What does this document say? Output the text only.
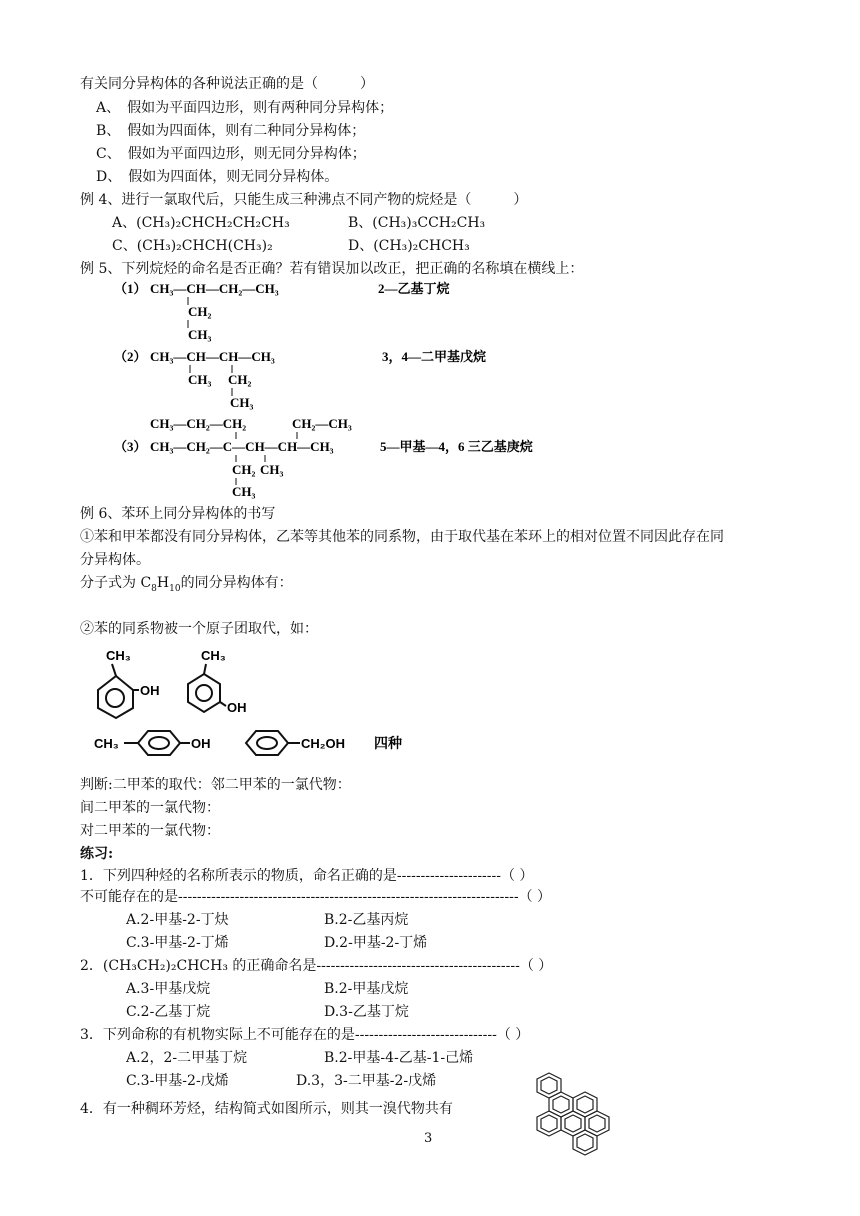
有关同分异构体的各种说法正确的是（　　　）
A、　假如为平面四边形，则有两种同分异构体；
B、　假如为四面体，则有二种同分异构体；
C、　假如为平面四边形，则无同分异构体；
D、　假如为四面体，则无同分异构体。
例 4、进行一氯取代后，只能生成三种沸点不同产物的烷烃是（　　　）
A、(CH₃)₂CHCH₂CH₂CH₃	B、(CH₃)₃CCH₂CH₃
C、(CH₃)₂CHCH(CH₃)₂	D、(CH₃)₂CHCH₃
例 5、下列烷烃的命名是否正确？若有错误加以改正，把正确的名称填在横线上：
（1） CH₃—CH—CH₂—CH₃
CH₂
CH₃
2—乙基丁烷
（2） CH₃—CH—CH—CH₃
CH₃ CH₂
CH₃
3，4—二甲基戊烷
CH₃—CH₂—CH₂	CH₂—CH₃
（3） CH₃—CH₂—C—CH—CH—CH₃
CH₂ CH₃
CH₃
5—甲基—4，6 三乙基庚烷
例 6、苯环上同分异构体的书写
①苯和甲苯都没有同分异构体，乙苯等其他苯的同系物，由于取代基在苯环上的相对位置不同因此存在同
分异构体。
分子式为 $C_8H_{10}$的同分异构体有：
②苯的同系物被一个原子团取代，如：
CH₃
OH
CH₃
OH
CH₃	OH	CH₂OH 四种
判断:二甲苯的取代：邻二甲苯的一氯代物：
间二甲苯的一氯代物：
对二甲苯的一氯代物：
练习:
1．下列四种烃的名称所表示的物质，命名正确的是----------------------（ ）
不可能存在的是------------------------------------------------------------------------（ ）
A.2-甲基-2-丁炔	B.2-乙基丙烷
C.3-甲基-2-丁烯	D.2-甲基-2-丁烯
2．(CH₃CH₂)₂CHCH₃ 的正确命名是-------------------------------------------（ ）
A.3-甲基戊烷	B.2-甲基戊烷
C.2-乙基丁烷	D.3-乙基丁烷
3．下列命称的有机物实际上不可能存在的是------------------------------（ ）
A.2，2-二甲基丁烷	B.2-甲基-4-乙基-1-己烯
C.3-甲基-2-戊烯	D.3，3-二甲基-2-戊烯
4．有一种稠环芳烃，结构简式如图所示，则其一溴代物共有
3
